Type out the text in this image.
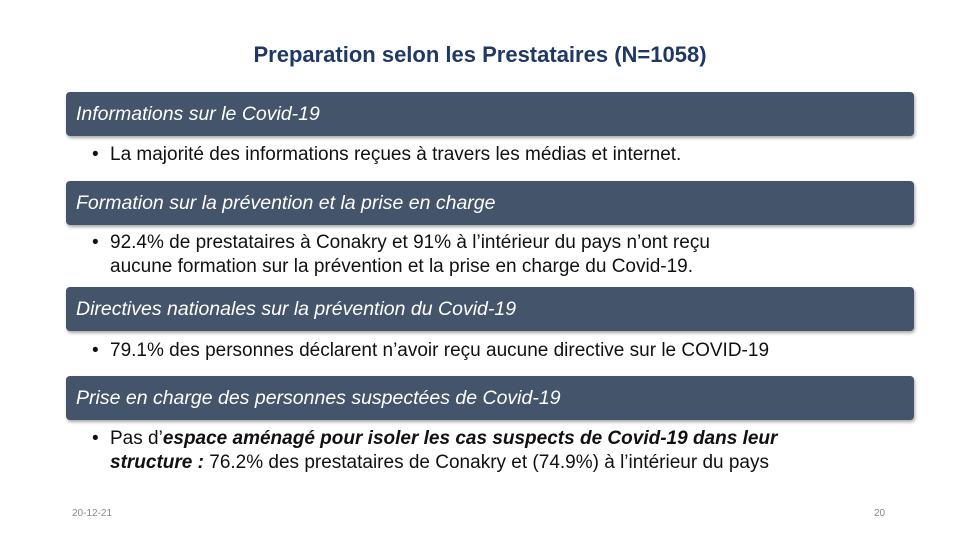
Preparation selon les Prestataires (N=1058)
Informations sur le Covid-19
• La majorité des informations reçues à travers les médias et internet.
Formation sur la prévention et la prise en charge
• 92.4% de prestataires à Conakry et 91% à l’intérieur du pays n’ont reçu
aucune formation sur la prévention et la prise en charge du Covid-19.
Directives nationales sur la prévention du Covid-19
• 79.1% des personnes déclarent n’avoir reçu aucune directive sur le COVID-19
Prise en charge des personnes suspectées de Covid-19
• Pas d’espace aménagé pour isoler les cas suspects de Covid-19 dans leur
structure : 76.2% des prestataires de Conakry et (74.9%) à l’intérieur du pays
20-12-21	20
